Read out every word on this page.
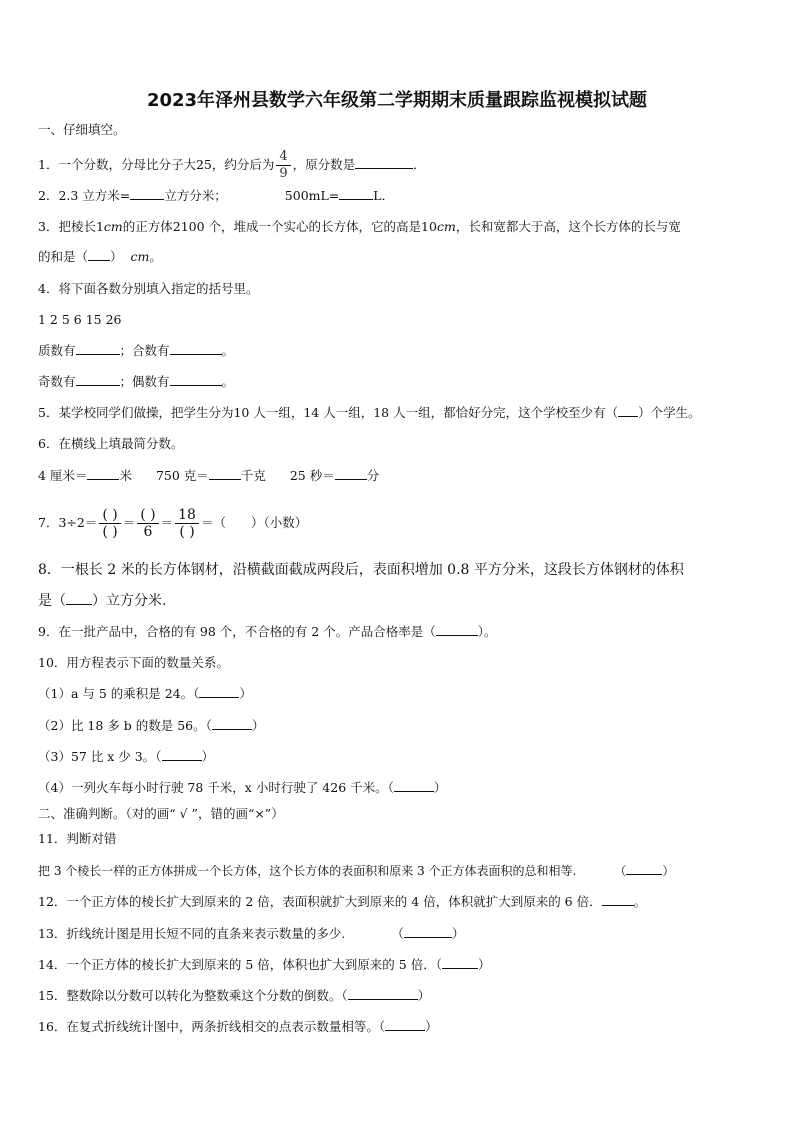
2023年泽州县数学六年级第二学期期末质量跟踪监视模拟试题
一、仔细填空。
1．一个分数，分母比分子大25，约分后为 $\frac{4}{9}$ ，原分数是	．
2．2.3 立方米=	立方分米；	500mL=	L．
3．把棱长1cm的正方体2100 个，堆成一个实心的长方体，它的高是10cm，长和宽都大于高，这个长方体的长与宽
的和是（ ） cm。
4．将下面各数分别填入指定的括号里。
1 2 5 6 15 26
质数有	；合数有	。
奇数有	；偶数有	。
5．某学校同学们做操，把学生分为10 人一组，14 人一组，18 人一组，都恰好分完，这个学校至少有（ ）个学生。
6．在横线上填最简分数。
4 厘米＝	米 750 克＝	千克 25 秒＝	分
7．$3\div 2= \frac{( )}{( )} = \frac{( )}{6} = \frac{18}{( )}$ ＝（　　）（小数）
8．一根长 2 米的长方体钢材，沿横截面截成两段后，表面积增加 0.8 平方分米，这段长方体钢材的体积
是（ ）立方分米.
9．在一批产品中，合格的有 98 个，不合格的有 2 个。产品合格率是（	）。
10．用方程表示下面的数量关系。
（1）a 与 5 的乘积是 24。（	）
（2）比 18 多 b 的数是 56。（	）
（3）57 比 x 少 3。（	）
（4）一列火车每小时行驶 78 千米，x 小时行驶了 426 千米。（	）
二、准确判断。（对的画“ √ ”，错的画“×”）
11．判断对错
把 3 个棱长一样的正方体拼成一个长方体，这个长方体的表面积和原来 3 个正方体表面积的总和相等.	（	）
12．一个正方体的棱长扩大到原来的 2 倍，表面积就扩大到原来的 4 倍，体积就扩大到原来的 6 倍．	。
13．折线统计图是用长短不同的直条来表示数量的多少.	（	）
14．一个正方体的棱长扩大到原来的 5 倍，体积也扩大到原来的 5 倍．（	）
15．整数除以分数可以转化为整数乘这个分数的倒数。（	）
16．在复式折线统计图中，两条折线相交的点表示数量相等。（	）
